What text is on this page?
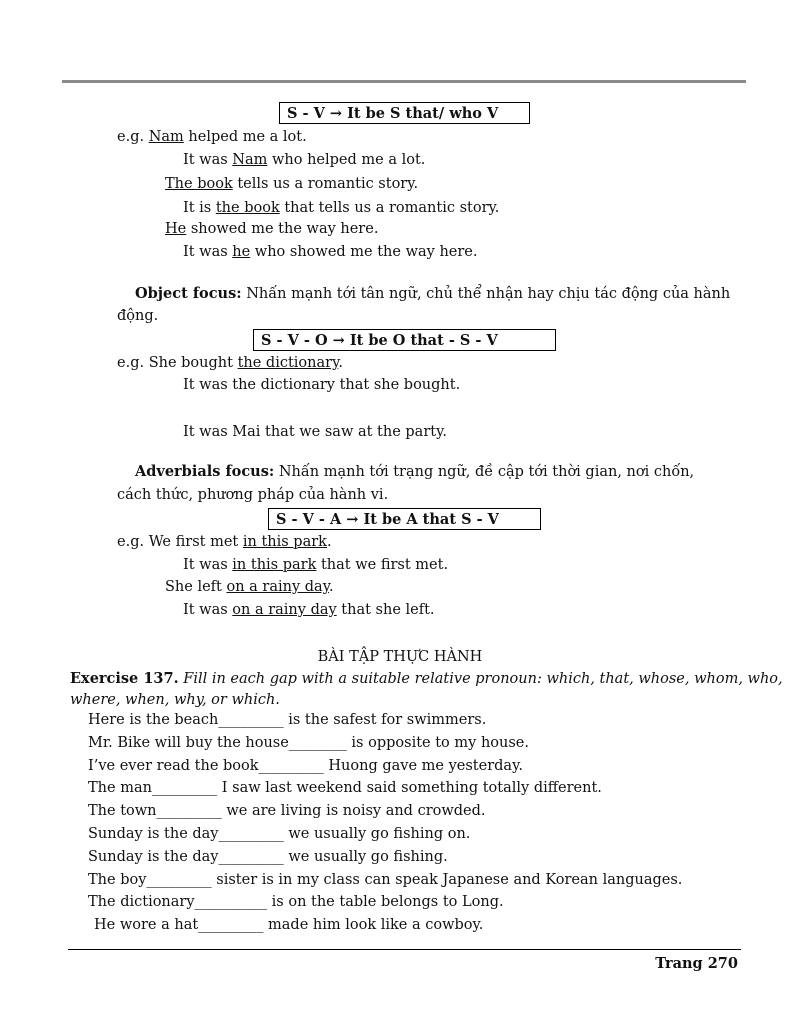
S - V → It be S that/ who V
e.g. Nam helped me a lot.
It was Nam who helped me a lot.
The book tells us a romantic story.
It is the book that tells us a romantic story.
He showed me the way here.
It was he who showed me the way here.
Object focus: Nhấn mạnh tới tân ngữ, chủ thể nhận hay chịu tác động của hành
động.
S - V - O → It be O that - S - V
e.g. She bought the dictionary.
It was the dictionary that she bought.
It was Mai that we saw at the party.
Adverbials focus: Nhấn mạnh tới trạng ngữ, đề cập tới thời gian, nơi chốn,
cách thức, phương pháp của hành vi.
S - V - A → It be A that S - V
e.g. We first met in this park.
It was in this park that we first met.
She left on a rainy day.
It was on a rainy day that she left.
BÀI TẬP THỰC HÀNH
Exercise 137. Fill in each gap with a suitable relative pronoun: which, that, whose, whom, who,
where, when, why, or which.
Here is the beach_________ is the safest for swimmers.
Mr. Bike will buy the house________ is opposite to my house.
I’ve ever read the book_________ Huong gave me yesterday.
The man_________ I saw last weekend said something totally different.
The town_________ we are living is noisy and crowded.
Sunday is the day_________ we usually go fishing on.
Sunday is the day_________ we usually go fishing.
The boy_________ sister is in my class can speak Japanese and Korean languages.
The dictionary__________ is on the table belongs to Long.
He wore a hat_________ made him look like a cowboy.
Trang 270
